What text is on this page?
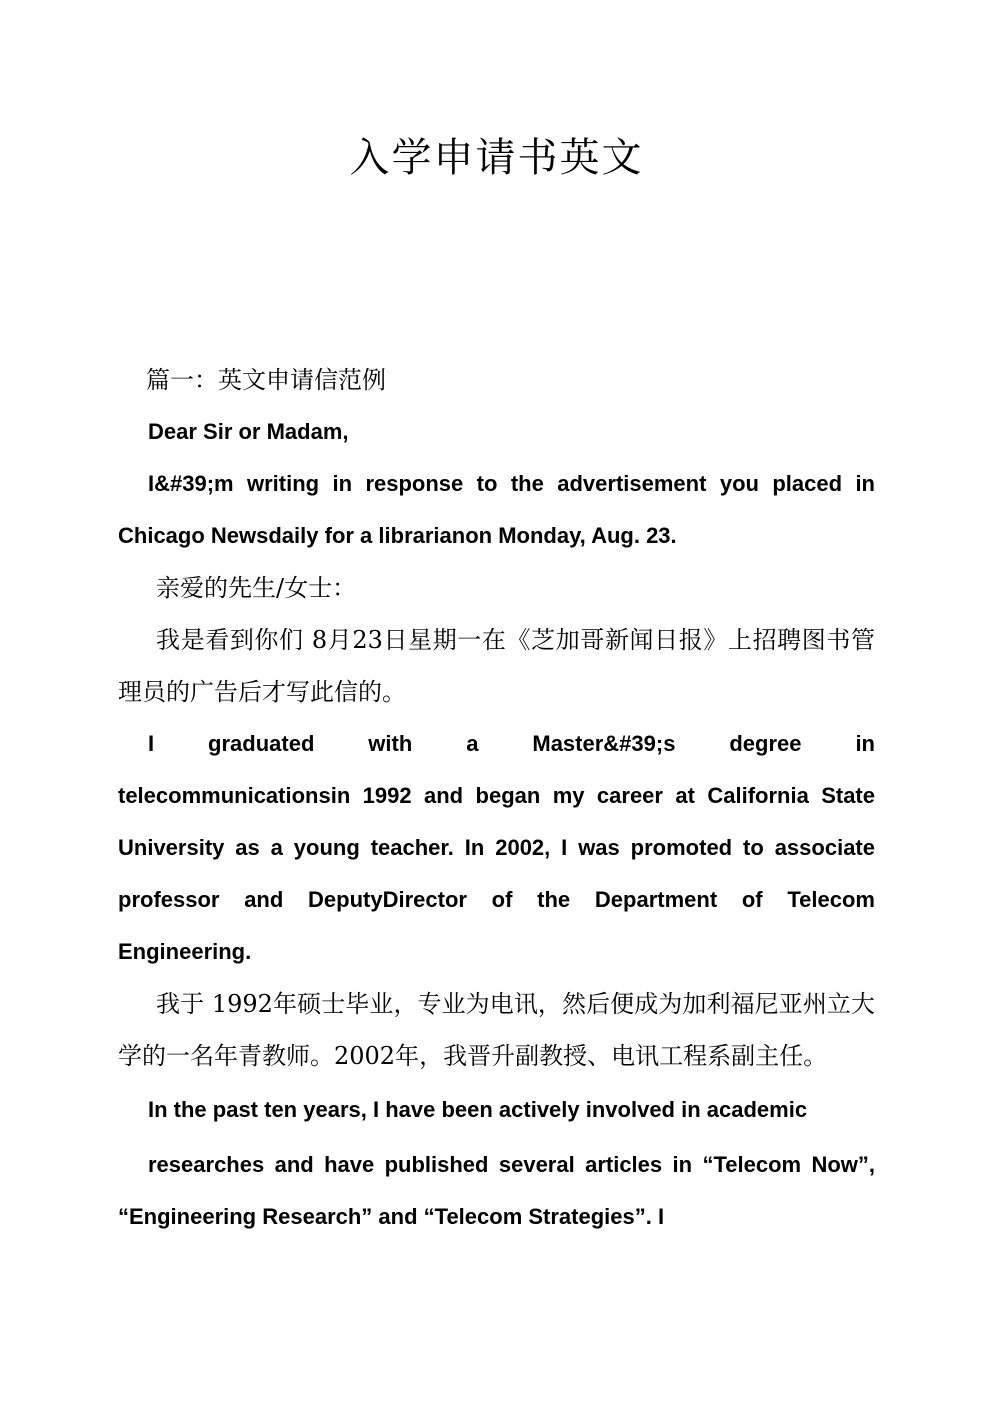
入学申请书英文

篇一：英文申请信范例

Dear Sir or Madam,

I&#39;m writing in response to the advertisement you placed in Chicago Newsdaily for a librarianon Monday, Aug. 23.

亲爱的先生/女士：

我是看到你们 8月23日星期一在《芝加哥新闻日报》上招聘图书管理员的广告后才写此信的。

I graduated with a Master&#39;s degree in

telecommunicationsin 1992 and began my career at California State University as a young teacher. In 2002, I was promoted to associate professor and DeputyDirector of the Department of Telecom Engineering.

我于 1992年硕士毕业，专业为电讯，然后便成为加利福尼亚州立大学的一名年青教师。2002年，我晋升副教授、电讯工程系副主任。

In the past ten years, I have been actively involved in academic

researches and have published several articles in “Telecom Now”, “Engineering Research” and “Telecom Strategies”. I
